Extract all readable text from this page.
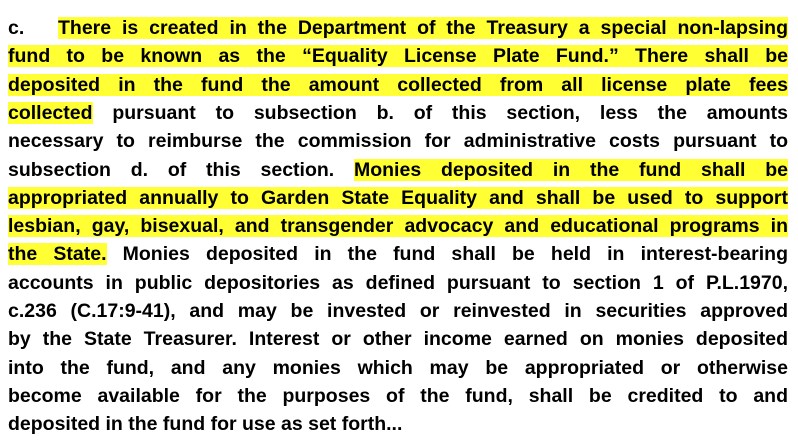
c. There is created in the Department of the Treasury a special non-lapsing
fund to be known as the “Equality License Plate Fund.” There shall be
deposited in the fund the amount collected from all license plate fees
collected pursuant to subsection b. of this section, less the amounts
necessary to reimburse the commission for administrative costs pursuant to
subsection d. of this section. Monies deposited in the fund shall be
appropriated annually to Garden State Equality and shall be used to support
lesbian, gay, bisexual, and transgender advocacy and educational programs in
the State. Monies deposited in the fund shall be held in interest-bearing
accounts in public depositories as defined pursuant to section 1 of P.L.1970,
c.236 (C.17:9-41), and may be invested or reinvested in securities approved
by the State Treasurer. Interest or other income earned on monies deposited
into the fund, and any monies which may be appropriated or otherwise
become available for the purposes of the fund, shall be credited to and
deposited in the fund for use as set forth...
